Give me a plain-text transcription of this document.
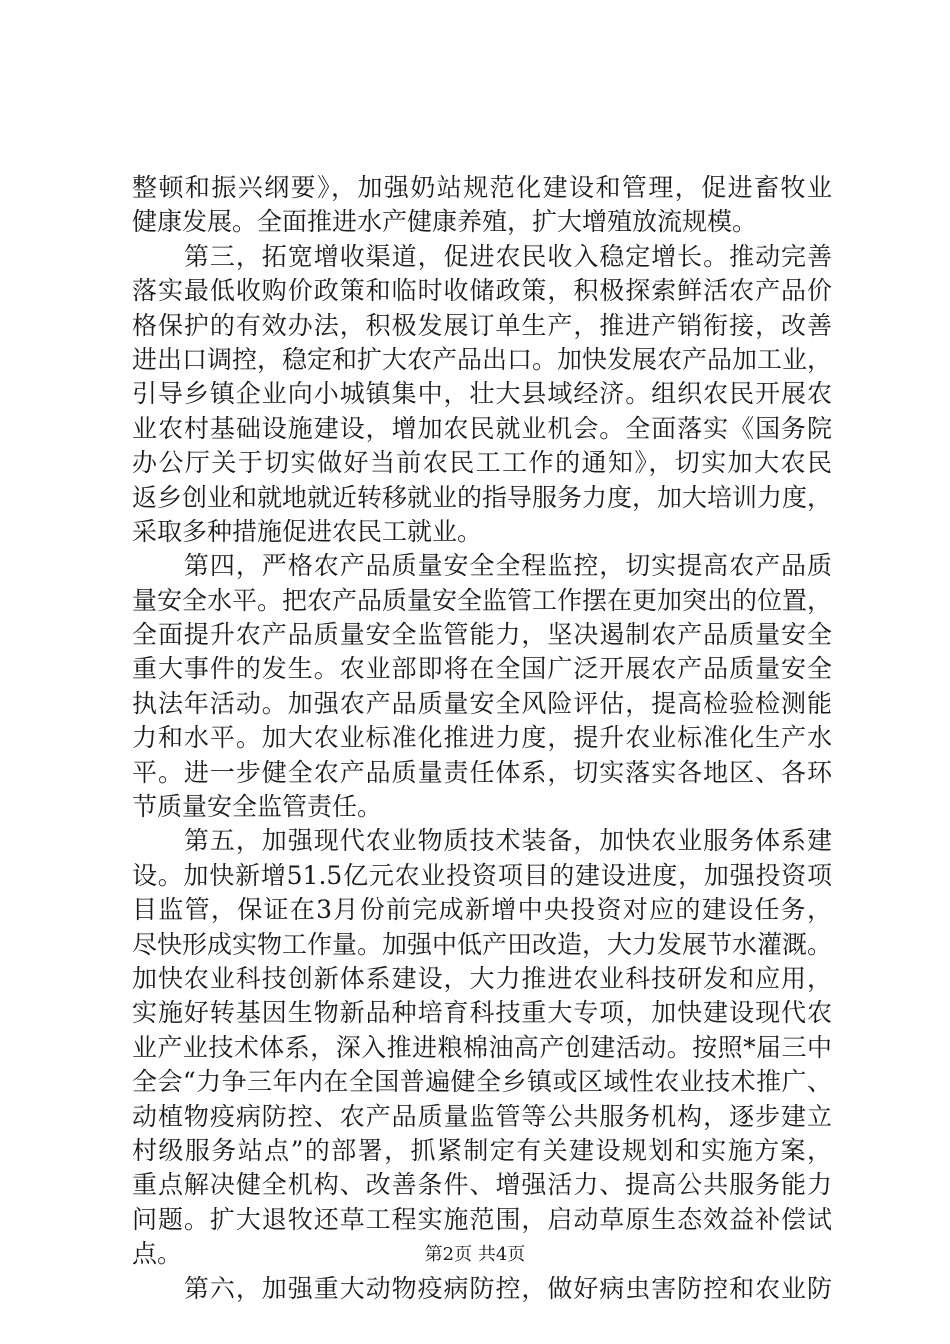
整顿和振兴纲要》，加强奶站规范化建设和管理，促进畜牧业
健康发展。全面推进水产健康养殖，扩大增殖放流规模。
　　第三，拓宽增收渠道，促进农民收入稳定增长。推动完善
落实最低收购价政策和临时收储政策，积极探索鲜活农产品价
格保护的有效办法，积极发展订单生产，推进产销衔接，改善
进出口调控，稳定和扩大农产品出口。加快发展农产品加工业，
引导乡镇企业向小城镇集中，壮大县域经济。组织农民开展农
业农村基础设施建设，增加农民就业机会。全面落实《国务院
办公厅关于切实做好当前农民工工作的通知》，切实加大农民
返乡创业和就地就近转移就业的指导服务力度，加大培训力度，
采取多种措施促进农民工就业。
　　第四，严格农产品质量安全全程监控，切实提高农产品质
量安全水平。把农产品质量安全监管工作摆在更加突出的位置，
全面提升农产品质量安全监管能力，坚决遏制农产品质量安全
重大事件的发生。农业部即将在全国广泛开展农产品质量安全
执法年活动。加强农产品质量安全风险评估，提高检验检测能
力和水平。加大农业标准化推进力度，提升农业标准化生产水
平。进一步健全农产品质量责任体系，切实落实各地区、各环
节质量安全监管责任。
　　第五，加强现代农业物质技术装备，加快农业服务体系建
设。加快新增51.5亿元农业投资项目的建设进度，加强投资项
目监管，保证在3月份前完成新增中央投资对应的建设任务，
尽快形成实物工作量。加强中低产田改造，大力发展节水灌溉。
加快农业科技创新体系建设，大力推进农业科技研发和应用，
实施好转基因生物新品种培育科技重大专项，加快建设现代农
业产业技术体系，深入推进粮棉油高产创建活动。按照*届三中
全会“力争三年内在全国普遍健全乡镇或区域性农业技术推广、
动植物疫病防控、农产品质量监管等公共服务机构，逐步建立
村级服务站点”的部署，抓紧制定有关建设规划和实施方案，
重点解决健全机构、改善条件、增强活力、提高公共服务能力
问题。扩大退牧还草工程实施范围，启动草原生态效益补偿试
点。
　　第六，加强重大动物疫病防控，做好病虫害防控和农业防
第2页 共4页
